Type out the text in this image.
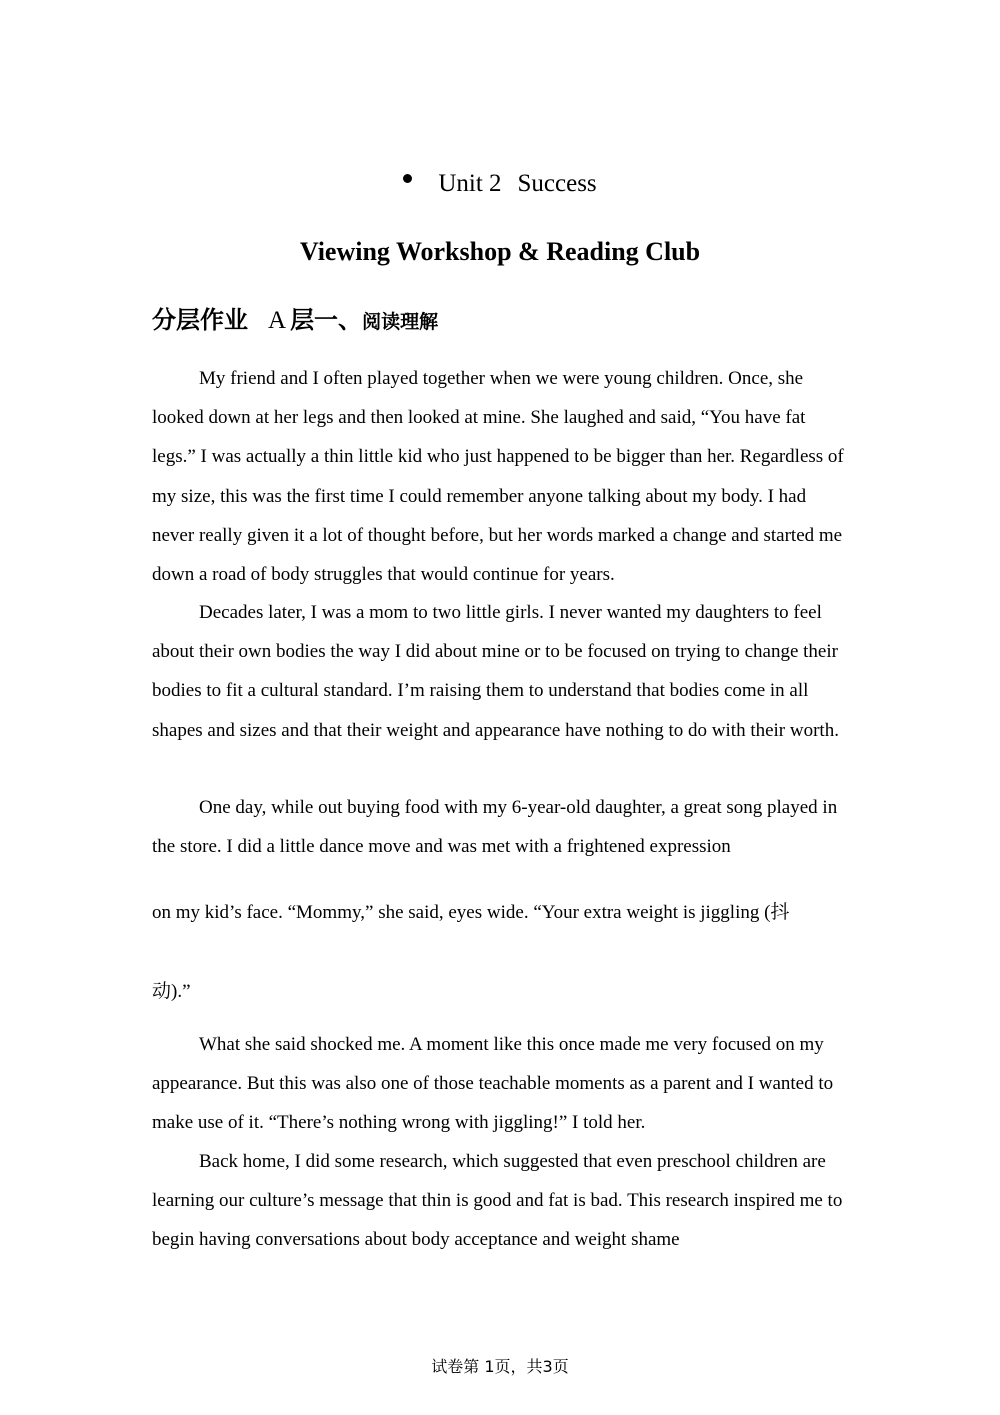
Unit 2 Success
Viewing Workshop & Reading Club
分层作业 A 层一、阅读理解

My friend and I often played together when we were young children. Once, she looked down at her legs and then looked at mine. She laughed and said, “You have fat legs.” I was actually a thin little kid who just happened to be bigger than her. Regardless of my size, this was the first time I could remember anyone talking about my body. I had never really given it a lot of thought before, but her words marked a change and started me down a road of body struggles that would continue for years.

Decades later, I was a mom to two little girls. I never wanted my daughters to feel about their own bodies the way I did about mine or to be focused on trying to change their bodies to fit a cultural standard. I’m raising them to understand that bodies come in all shapes and sizes and that their weight and appearance have nothing to do with their worth.

One day, while out buying food with my 6-year-old daughter, a great song played in the store. I did a little dance move and was met with a frightened expression

on my kid’s face. “Mommy,” she said, eyes wide. “Your extra weight is jiggling (抖

动).”

What she said shocked me. A moment like this once made me very focused on my appearance. But this was also one of those teachable moments as a parent and I wanted to make use of it. “There’s nothing wrong with jiggling!” I told her.

Back home, I did some research, which suggested that even preschool children are learning our culture’s message that thin is good and fat is bad. This research inspired me to begin having conversations about body acceptance and weight shame

试卷第 1页，共3页
